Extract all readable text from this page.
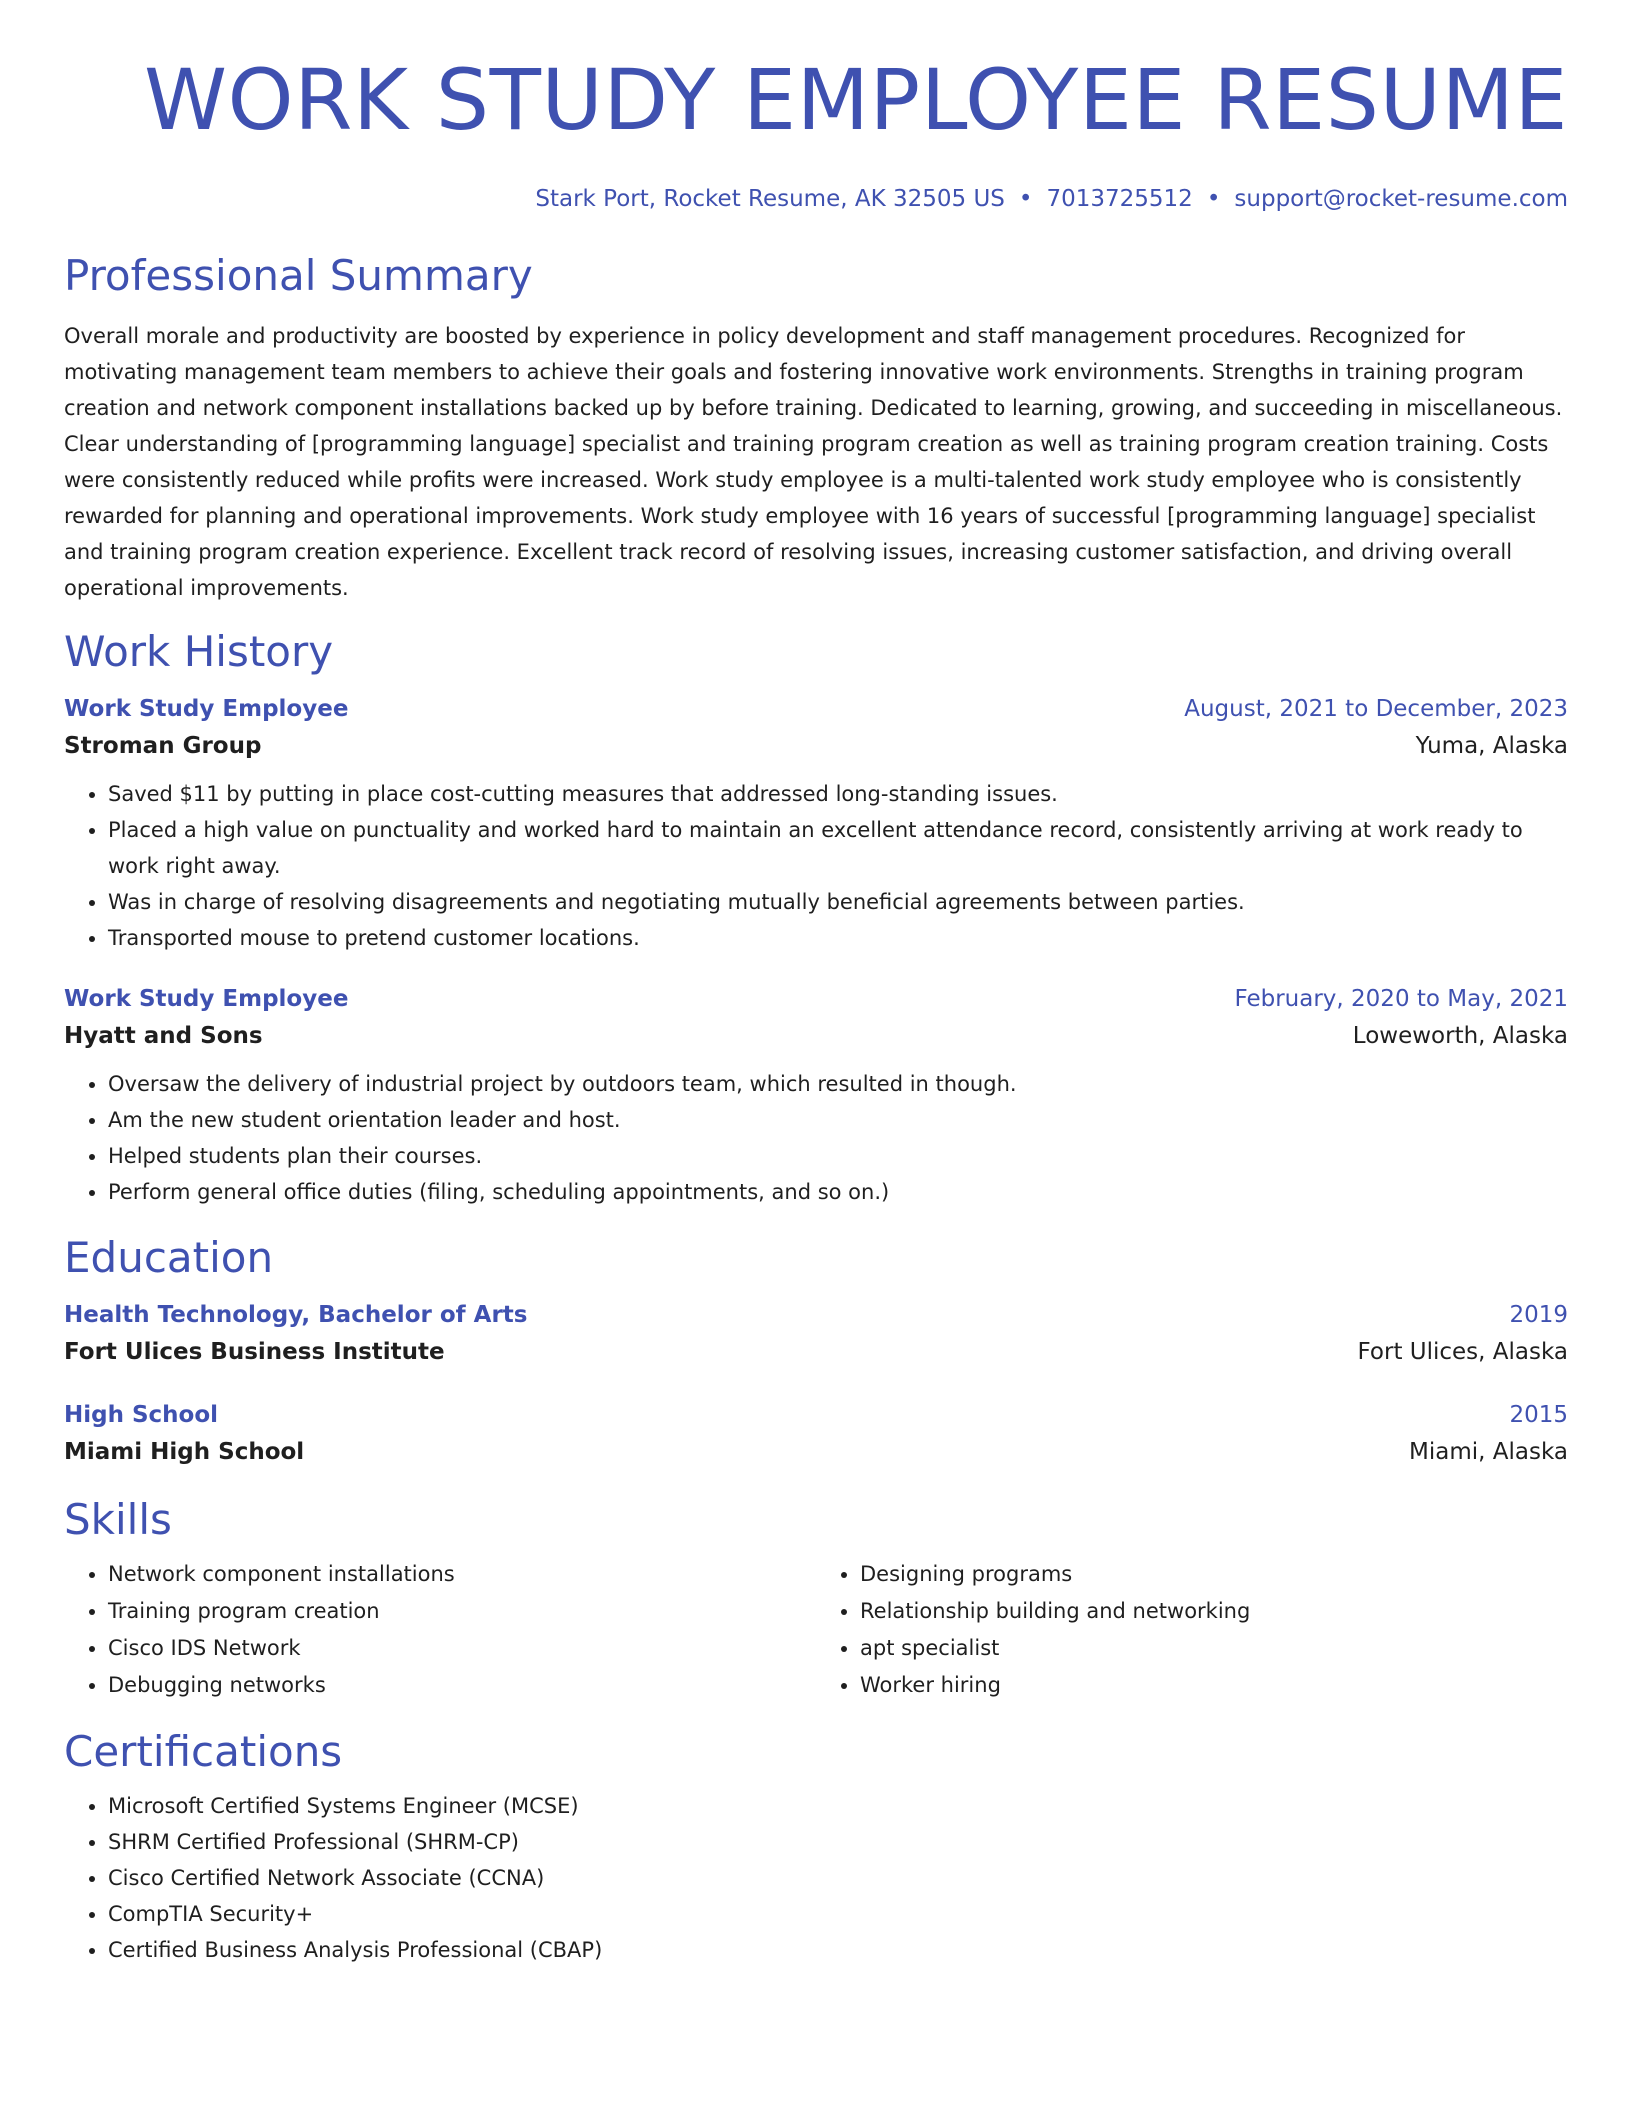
WORK STUDY EMPLOYEE RESUME
Stark Port, Rocket Resume, AK 32505 US • 7013725512 • support@rocket-resume.com
Professional Summary

Overall morale and productivity are boosted by experience in policy development and staff management procedures. Recognized for motivating management team members to achieve their goals and fostering innovative work environments. Strengths in training program creation and network component installations backed up by before training. Dedicated to learning, growing, and succeeding in miscellaneous. Clear understanding of [programming language] specialist and training program creation as well as training program creation training. Costs were consistently reduced while profits were increased. Work study employee is a multi-talented work study employee who is consistently rewarded for planning and operational improvements. Work study employee with 16 years of successful [programming language] specialist and training program creation experience. Excellent track record of resolving issues, increasing customer satisfaction, and driving overall operational improvements.

Work History
Work Study Employee	August, 2021 to December, 2023
Stroman Group	Yuma, Alaska
• Saved $11 by putting in place cost-cutting measures that addressed long-standing issues.
• Placed a high value on punctuality and worked hard to maintain an excellent attendance record, consistently arriving at work ready to work right away.
• Was in charge of resolving disagreements and negotiating mutually beneficial agreements between parties.
• Transported mouse to pretend customer locations.
Work Study Employee	February, 2020 to May, 2021
Hyatt and Sons	Loweworth, Alaska
• Oversaw the delivery of industrial project by outdoors team, which resulted in though.
• Am the new student orientation leader and host.
• Helped students plan their courses.
• Perform general office duties (filing, scheduling appointments, and so on.)
Education
Health Technology, Bachelor of Arts	2019
Fort Ulices Business Institute	Fort Ulices, Alaska
High School	2015
Miami High School	Miami, Alaska
Skills
• Network component installations
• Training program creation
• Cisco IDS Network
• Debugging networks
• Designing programs
• Relationship building and networking
• apt specialist
• Worker hiring
Certifications
• Microsoft Certified Systems Engineer (MCSE)
• SHRM Certified Professional (SHRM-CP)
• Cisco Certified Network Associate (CCNA)
• CompTIA Security+
• Certified Business Analysis Professional (CBAP)
